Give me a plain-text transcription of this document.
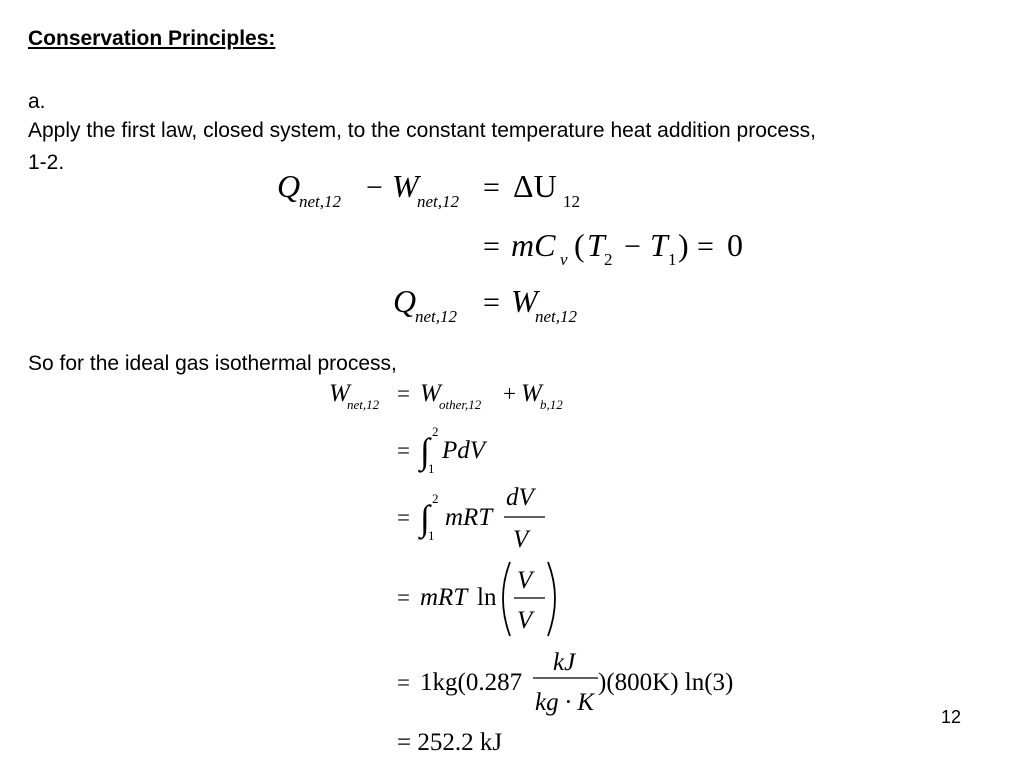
Conservation Principles:
a.
Apply the first law, closed system, to the constant temperature heat addition process,
1-2.
So for the ideal gas isothermal process,
12
Q
net,12 − W
net,12 = ΔU 12
= mC v ( T 2 − T 1 ) = 0
Q
net,12 = W
net,12
W
net,12 = W
other,12 + W
b,12
= ∫ 2
1
PdV
= ∫ 2
1
mRT
dV
V
= mRT ln
V
V
= 1kg(0.287
kJ
kg · K
)(800K) ln(3)
= 252.2 kJ
